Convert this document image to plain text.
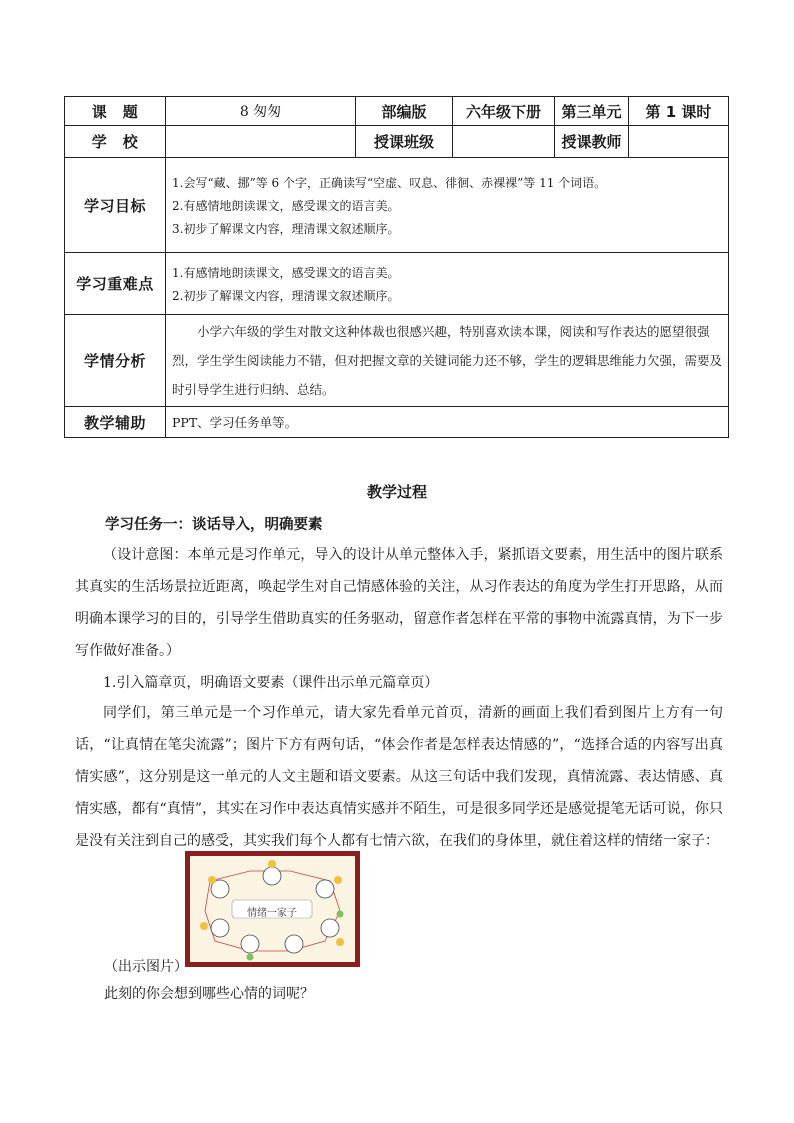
课　题	8 匆匆	部编版	六年级下册	第三单元	第 1 课时
学　校		授课班级		授课教师	
学习目标	1.会写“藏、挪”等 6 个字，正确读写“空虚、叹息、徘徊、赤裸裸”等 11 个词语。
2.有感情地朗读课文，感受课文的语言美。
3.初步了解课文内容，理清课文叙述顺序。				

学习重难点	1.有感情地朗读课文，感受课文的语言美。
2.初步了解课文内容，理清课文叙述顺序。				

学情分析	小学六年级的学生对散文这种体裁也很感兴趣，特别喜欢读本课，阅读和写作表达的愿望很强烈，学生学生阅读能力不错，但对把握文章的关键词能力还不够，学生的逻辑思维能力欠强，需要及时引导学生进行归纳、总结。				

教学辅助	PPT、学习任务单等。				
教学过程
学习任务一：谈话导入，明确要素
（设计意图：本单元是习作单元，导入的设计从单元整体入手，紧抓语文要素，用生活中的图片联系其真实的生活场景拉近距离，唤起学生对自己情感体验的关注，从习作表达的角度为学生打开思路，从而明确本课学习的目的，引导学生借助真实的任务驱动，留意作者怎样在平常的事物中流露真情，为下一步写作做好准备。）
1.引入篇章页，明确语文要素（课件出示单元篇章页）
同学们，第三单元是一个习作单元，请大家先看单元首页，清新的画面上我们看到图片上方有一句话，“让真情在笔尖流露”；图片下方有两句话，“体会作者是怎样表达情感的”，“选择合适的内容写出真情实感”，这分别是这一单元的人文主题和语文要素。从这三句话中我们发现，真情流露、表达情感、真情实感，都有“真情”，其实在习作中表达真情实感并不陌生，可是很多同学还是感觉提笔无话可说，你只是没有关注到自己的感受，其实我们每个人都有七情六欲，在我们的身体里，就住着这样的情绪一家子：
情绪一家子
（出示图片）
此刻的你会想到哪些心情的词呢？
